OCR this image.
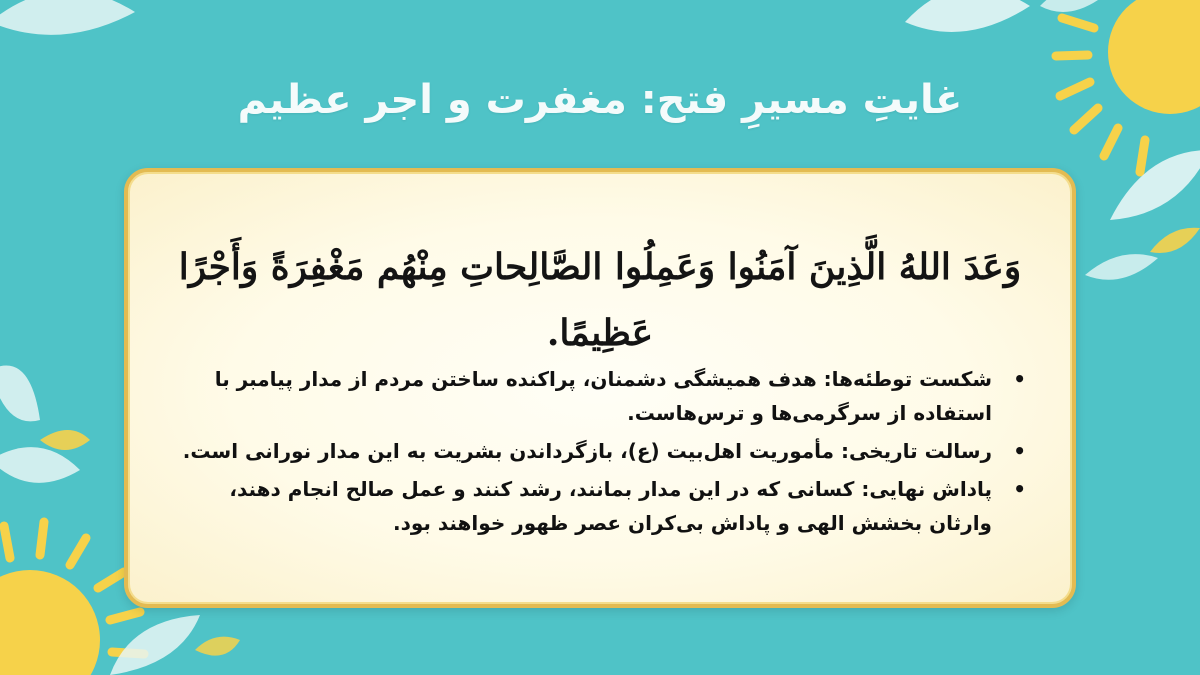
غایتِ مسیرِ فتح: مغفرت و اجر عظیم

وَعَدَ اللهُ الَّذِينَ آمَنُوا وَعَمِلُوا الصَّالِحاتِ مِنْهُم مَغْفِرَةً وَأَجْرًا عَظِيمًا.

• شکست توطئه‌ها: هدف همیشگی دشمنان، پراکنده ساختن مردم از مدار پیامبر با استفاده از سرگرمی‌ها و ترس‌هاست.
• رسالت تاریخی: مأموریت اهل‌بیت (ع)، بازگرداندن بشریت به این مدار نورانی است.
• پاداش نهایی: کسانی که در این مدار بمانند، رشد کنند و عمل صالح انجام دهند، وارثان بخشش الهی و پاداش بی‌کران عصر ظهور خواهند بود.
